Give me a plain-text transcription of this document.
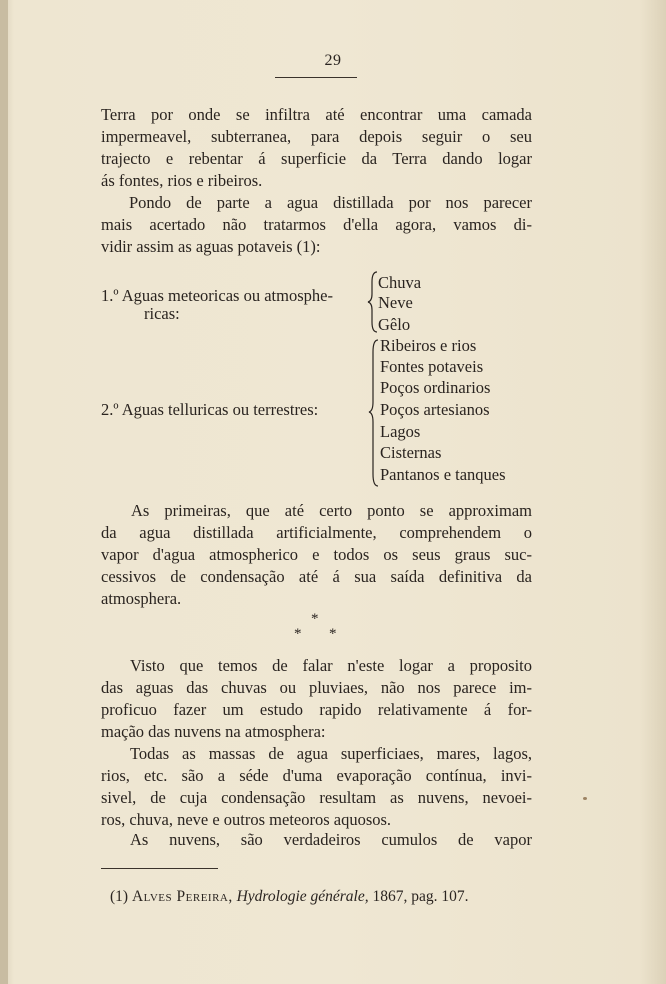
29
Terra por onde se infiltra até encontrar uma camada
impermeavel, subterranea, para depois seguir o seu
trajecto e rebentar á superficie da Terra dando logar
ás fontes, rios e ribeiros.
Pondo de parte a agua distillada por nos parecer
mais acertado não tratarmos d'ella agora, vamos di-
vidir assim as aguas potaveis (1):
1.º Aguas meteoricas ou atmosphe-
ricas:
Chuva
Neve
Gêlo
2.º Aguas telluricas ou terrestres:
Ribeiros e rios
Fontes potaveis
Poços ordinarios
Poços artesianos
Lagos
Cisternas
Pantanos e tanques
As primeiras, que até certo ponto se approximam
da agua distillada artificialmente, comprehendem o
vapor d'agua atmospherico e todos os seus graus suc-
cessivos de condensação até á sua saída definitiva da
atmosphera.
*
* *
Visto que temos de falar n'este logar a proposito
das aguas das chuvas ou pluviaes, não nos parece im-
proficuo fazer um estudo rapido relativamente á for-
mação das nuvens na atmosphera:
Todas as massas de agua superficiaes, mares, lagos,
rios, etc. são a séde d'uma evaporação contínua, invi-
sivel, de cuja condensação resultam as nuvens, nevoei-
ros, chuva, neve e outros meteoros aquosos.
As nuvens, são verdadeiros cumulos de vapor
(1) Alves Pereira, Hydrologie générale, 1867, pag. 107.
